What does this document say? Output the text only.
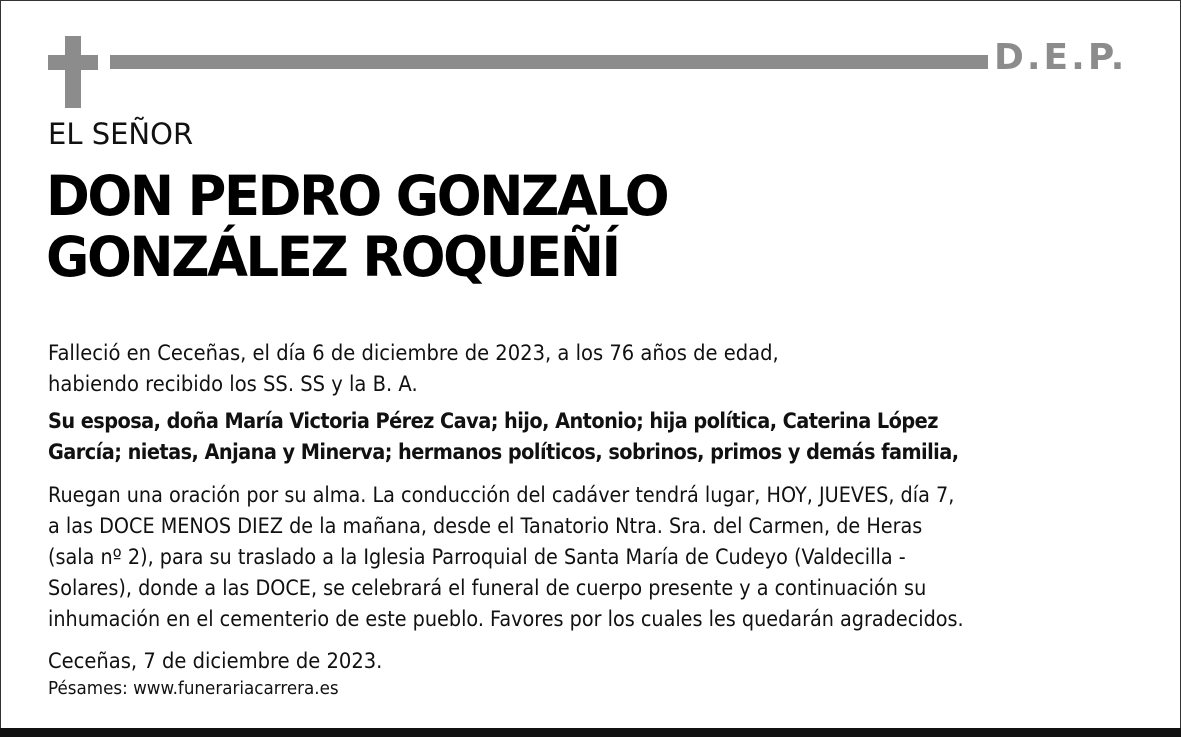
D.E.P.
EL SEÑOR
DON PEDRO GONZALO
GONZÁLEZ ROQUEÑÍ
Falleció en Ceceñas, el día 6 de diciembre de 2023, a los 76 años de edad,
habiendo recibido los SS. SS y la B. A.
Su esposa, doña María Victoria Pérez Cava; hijo, Antonio; hija política, Caterina López
García; nietas, Anjana y Minerva; hermanos políticos, sobrinos, primos y demás familia,
Ruegan una oración por su alma. La conducción del cadáver tendrá lugar, HOY, JUEVES, día 7,
a las DOCE MENOS DIEZ de la mañana, desde el Tanatorio Ntra. Sra. del Carmen, de Heras
(sala nº 2), para su traslado a la Iglesia Parroquial de Santa María de Cudeyo (Valdecilla -
Solares), donde a las DOCE, se celebrará el funeral de cuerpo presente y a continuación su
inhumación en el cementerio de este pueblo. Favores por los cuales les quedarán agradecidos.
Ceceñas, 7 de diciembre de 2023.
Pésames: www.funerariacarrera.es
